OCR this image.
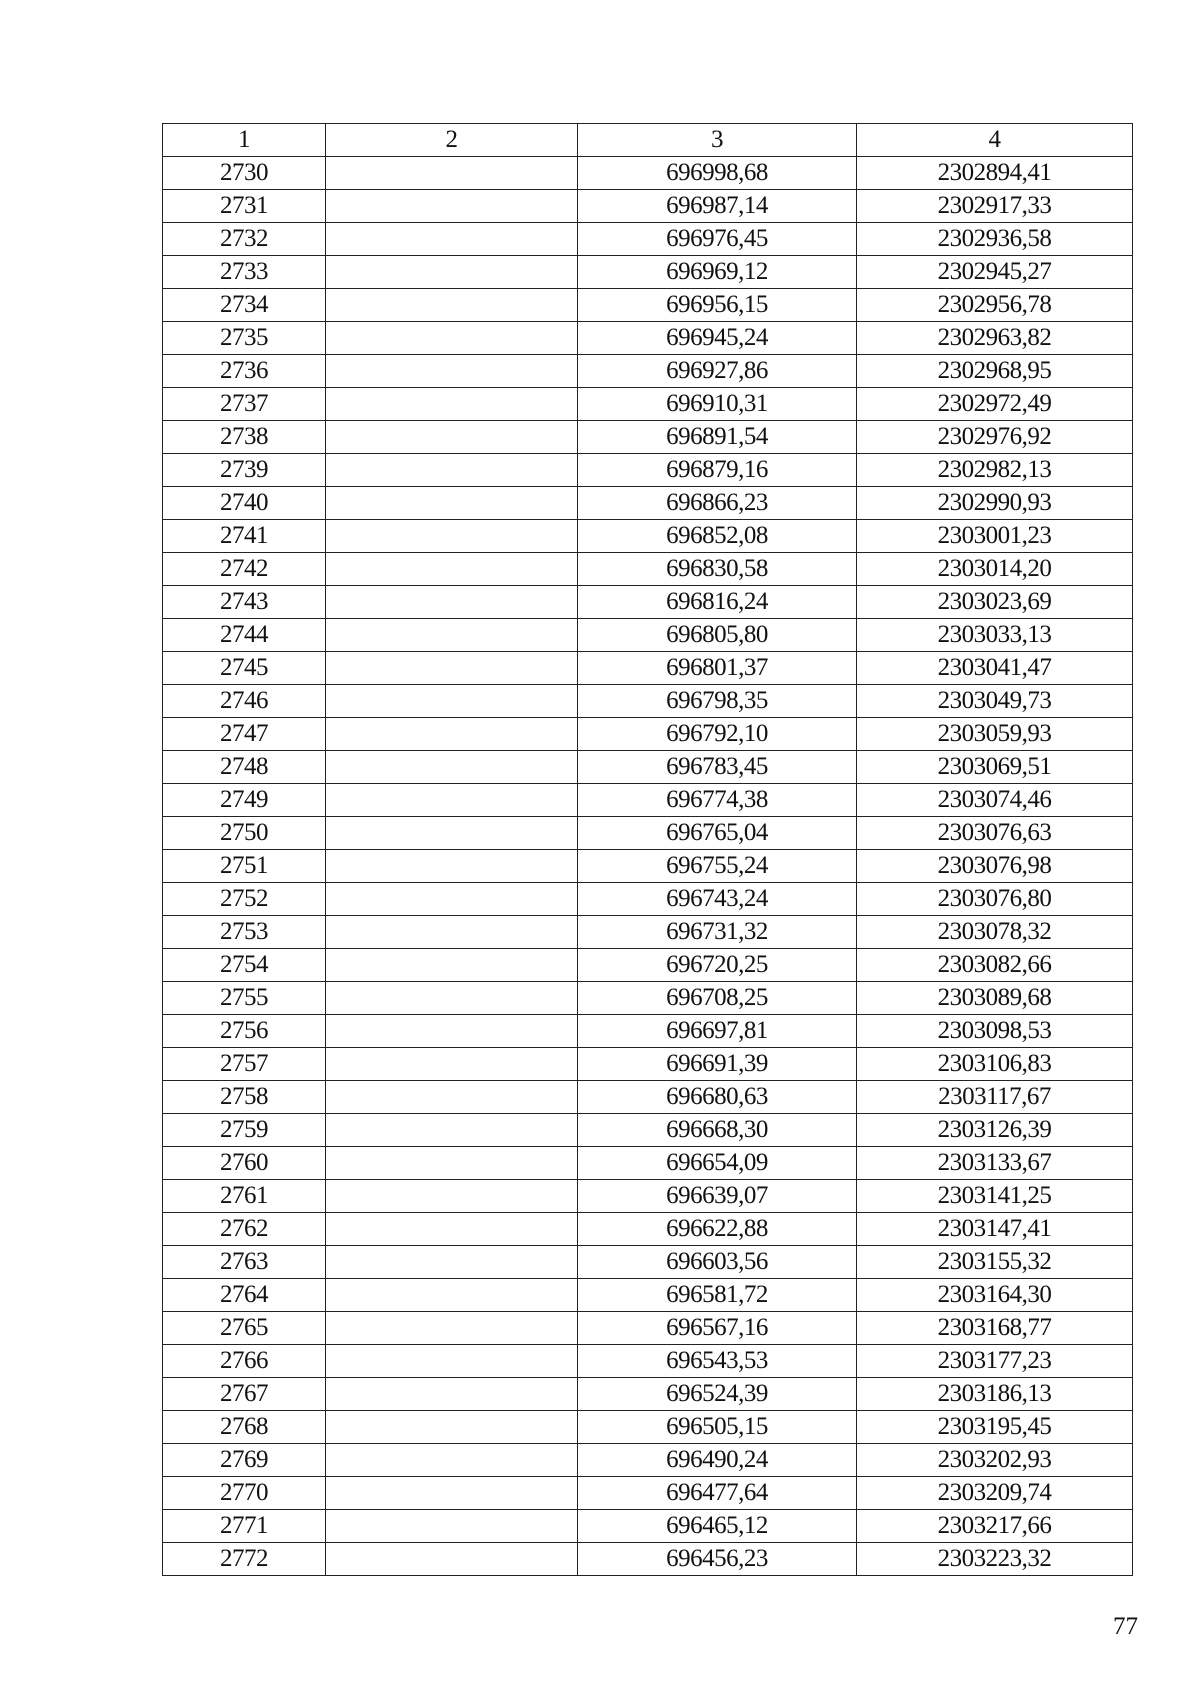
1	2	3	4
2730		696998,68	2302894,41
2731		696987,14	2302917,33
2732		696976,45	2302936,58
2733		696969,12	2302945,27
2734		696956,15	2302956,78
2735		696945,24	2302963,82
2736		696927,86	2302968,95
2737		696910,31	2302972,49
2738		696891,54	2302976,92
2739		696879,16	2302982,13
2740		696866,23	2302990,93
2741		696852,08	2303001,23
2742		696830,58	2303014,20
2743		696816,24	2303023,69
2744		696805,80	2303033,13
2745		696801,37	2303041,47
2746		696798,35	2303049,73
2747		696792,10	2303059,93
2748		696783,45	2303069,51
2749		696774,38	2303074,46
2750		696765,04	2303076,63
2751		696755,24	2303076,98
2752		696743,24	2303076,80
2753		696731,32	2303078,32
2754		696720,25	2303082,66
2755		696708,25	2303089,68
2756		696697,81	2303098,53
2757		696691,39	2303106,83
2758		696680,63	2303117,67
2759		696668,30	2303126,39
2760		696654,09	2303133,67
2761		696639,07	2303141,25
2762		696622,88	2303147,41
2763		696603,56	2303155,32
2764		696581,72	2303164,30
2765		696567,16	2303168,77
2766		696543,53	2303177,23
2767		696524,39	2303186,13
2768		696505,15	2303195,45
2769		696490,24	2303202,93
2770		696477,64	2303209,74
2771		696465,12	2303217,66
2772		696456,23	2303223,32
77
